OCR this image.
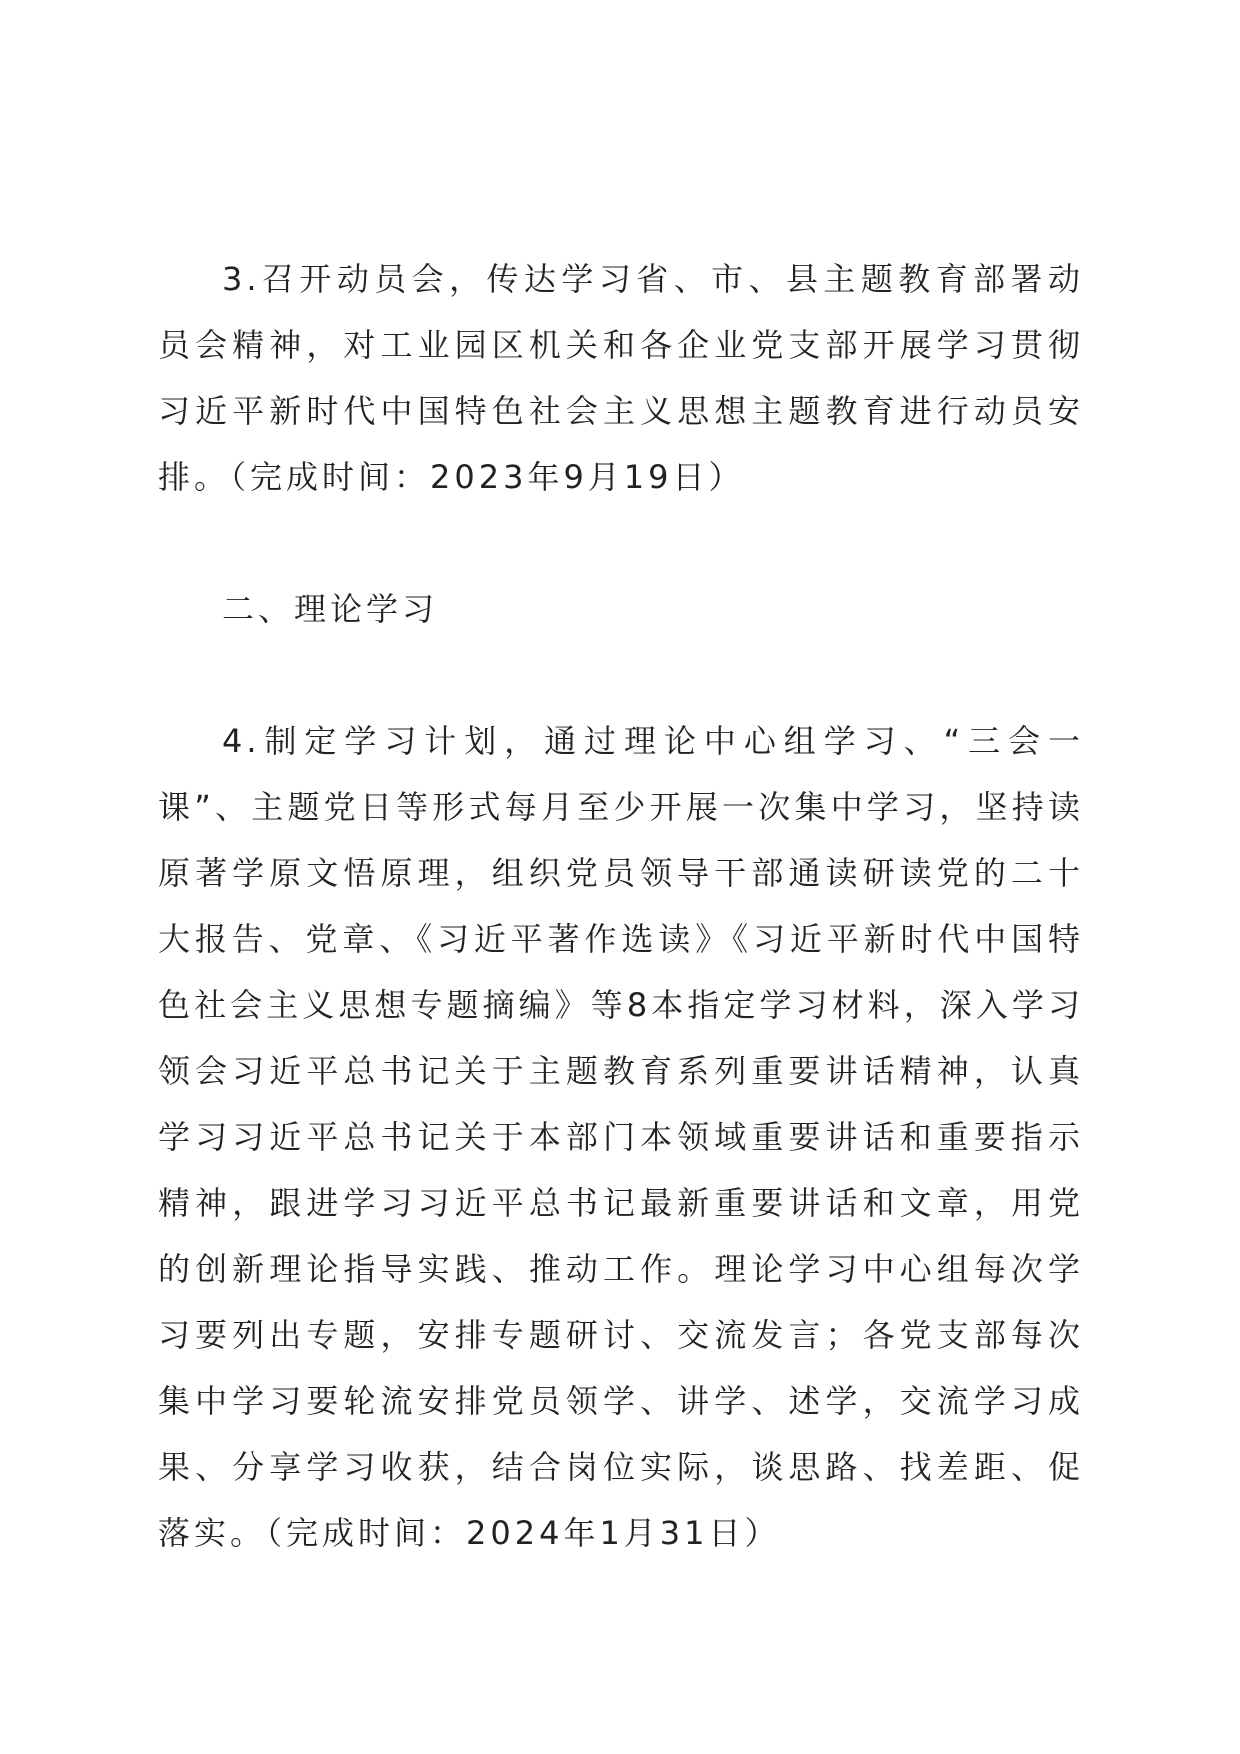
3.召开动员会，传达学习省、市、县主题教育部署动员会精神，对工业园区机关和各企业党支部开展学习贯彻习近平新时代中国特色社会主义思想主题教育进行动员安排。（完成时间：2023年9月19日）

二、理论学习

4.制定学习计划，通过理论中心组学习、“三会一课”、主题党日等形式每月至少开展一次集中学习，坚持读原著学原文悟原理，组织党员领导干部通读研读党的二十大报告、党章、《习近平著作选读》《习近平新时代中国特色社会主义思想专题摘编》等8本指定学习材料，深入学习领会习近平总书记关于主题教育系列重要讲话精神，认真学习习近平总书记关于本部门本领域重要讲话和重要指示精神，跟进学习习近平总书记最新重要讲话和文章，用党的创新理论指导实践、推动工作。理论学习中心组每次学习要列出专题，安排专题研讨、交流发言；各党支部每次集中学习要轮流安排党员领学、讲学、述学，交流学习成果、分享学习收获，结合岗位实际，谈思路、找差距、促落实。（完成时间：2024年1月31日）
